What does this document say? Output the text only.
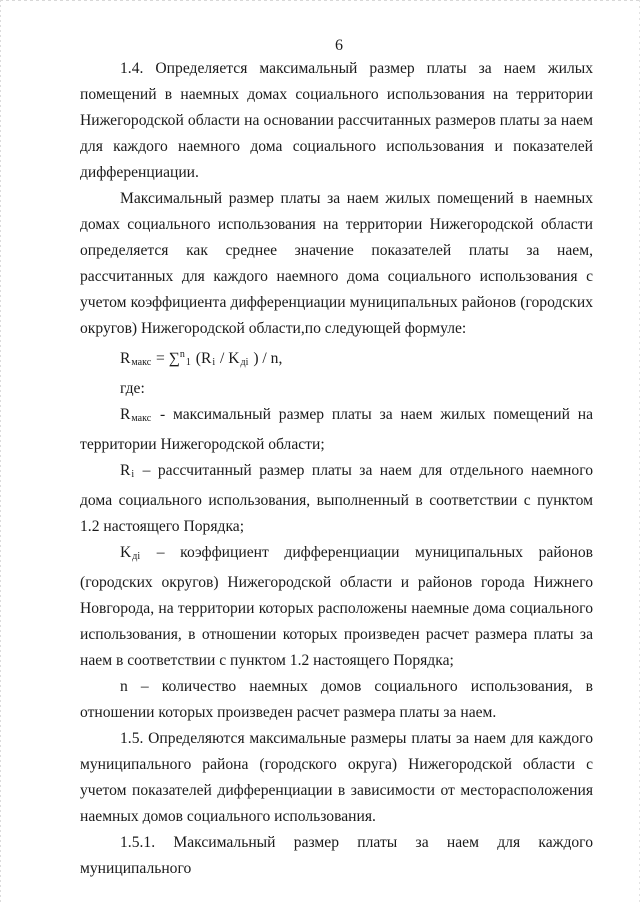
6

1.4. Определяется максимальный размер платы за наем жилых помещений в наемных домах социального использования на территории Нижегородской области на основании рассчитанных размеров платы за наем для каждого наемного дома социального использования и показателей дифференциации.

Максимальный размер платы за наем жилых помещений в наемных домах социального использования на территории Нижегородской области определяется как среднее значение показателей платы за наем, рассчитанных для каждого наемного дома социального использования с учетом коэффициента дифференциации муниципальных районов (городских округов) Нижегородской области,по следующей формуле:

$R_{макс} = \sum^n_1$ ($R_i / K_{дi}$ ) / n,

где:

$R_{макс}$ - максимальный размер платы за наем жилых помещений на территории Нижегородской области;

$R_i$ – рассчитанный размер платы за наем для отдельного наемного дома социального использования, выполненный в соответствии с пунктом 1.2 настоящего Порядка;

$K_{дi}$ – коэффициент дифференциации муниципальных районов (городских округов) Нижегородской области и районов города Нижнего Новгорода, на территории которых расположены наемные дома социального использования, в отношении которых произведен расчет размера платы за наем в соответствии с пунктом 1.2 настоящего Порядка;

n – количество наемных домов социального использования, в отношении которых произведен расчет размера платы за наем.

1.5. Определяются максимальные размеры платы за наем для каждого муниципального района (городского округа) Нижегородской области с учетом показателей дифференциации в зависимости от месторасположения наемных домов социального использования.

1.5.1. Максимальный размер платы за наем для каждого муниципального
